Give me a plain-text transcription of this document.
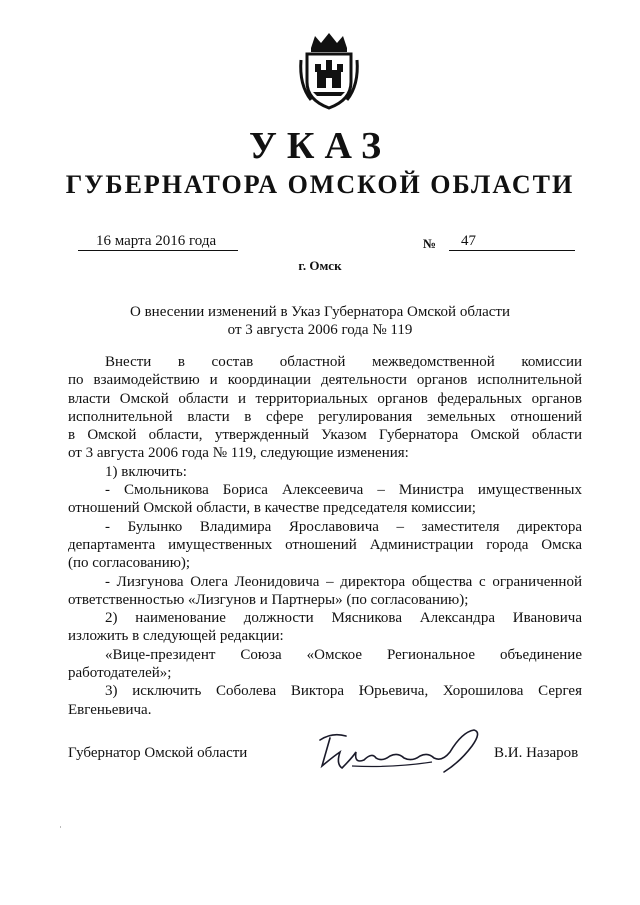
УКАЗ
ГУБЕРНАТОРА ОМСКОЙ ОБЛАСТИ
16 марта 2016 года	№	47
г. Омск
О внесении изменений в Указ Губернатора Омской области
от 3 августа 2006 года № 119

Внести в состав областной межведомственной комиссии

по взаимодействию и координации деятельности органов исполнительной

власти Омской области и территориальных органов федеральных органов

исполнительной власти в сфере регулирования земельных отношений

в Омской области, утвержденный Указом Губернатора Омской области

от 3 августа 2006 года № 119, следующие изменения:

1) включить:

- Смольникова Бориса Алексеевича – Министра имущественных

отношений Омской области, в качестве председателя комиссии;

- Булынко Владимира Ярославовича – заместителя директора

департамента имущественных отношений Администрации города Омска

(по согласованию);

- Лизгунова Олега Леонидовича – директора общества с ограниченной

ответственностью «Лизгунов и Партнеры» (по согласованию);

2) наименование должности Мясникова Александра Ивановича

изложить в следующей редакции:

«Вице-президент Союза «Омское Региональное объединение

работодателей»;

3) исключить Соболева Виктора Юрьевича, Хорошилова Сергея

Евгеньевича.

Губернатор Омской области	В.И. Назаров
